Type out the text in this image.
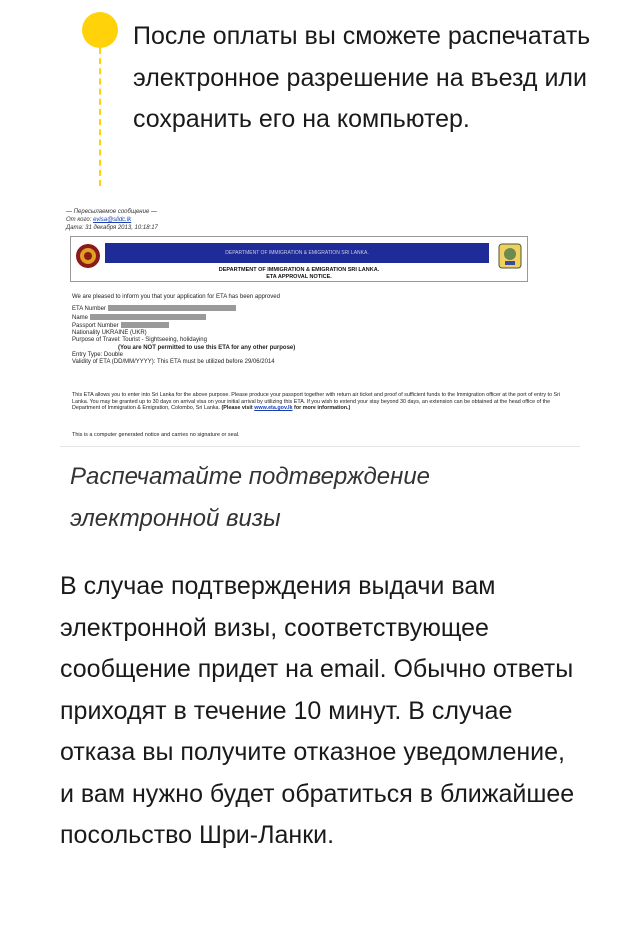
После оплаты вы сможете распечатать электронное разрешение на въезд или сохранить его на компьютер.
— Пересылаемое сообщение —
От кого: evisa@slidc.lk
Дата: 31 декабря 2013, 10:18:17
DEPARTMENT OF IMMIGRATION & EMIGRATION SRI LANKA.
DEPARTMENT OF IMMIGRATION & EMIGRATION SRI LANKA.
ETA APPROVAL NOTICE.
We are pleased to inform you that your application for ETA has been approved
ETA Number
Name
Passport Number
Nationality UKRAINE (UKR)
Purpose of Travel: Tourist - Sightseeing, holidaying
(You are NOT permitted to use this ETA for any other purpose)
Entry Type: Double
Validity of ETA (DD/MM/YYYY): This ETA must be utilized before 29/06/2014
This ETA allows you to enter into Sri Lanka for the above purpose. Please produce your passport together with return air ticket and proof of sufficient funds to the Immigration officer at the port of entry to Sri Lanka. You may be granted up to 30 days on arrival visa on your initial arrival by utilizing this ETA. If you wish to extend your stay beyond 30 days, an extension can be obtained at the head office of the Department of Immigration & Emigration, Colombo, Sri Lanka. (Please visit www.eta.gov.lk for more information.)
This is a computer generated notice and carries no signature or seal.
Распечатайте подтверждение электронной визы
В случае подтверждения выдачи вам электронной визы, соответствующее сообщение придет на email. Обычно ответы приходят в течение 10 минут. В случае отказа вы получите отказное уведомление, и вам нужно будет обратиться в ближайшее посольство Шри-Ланки.
